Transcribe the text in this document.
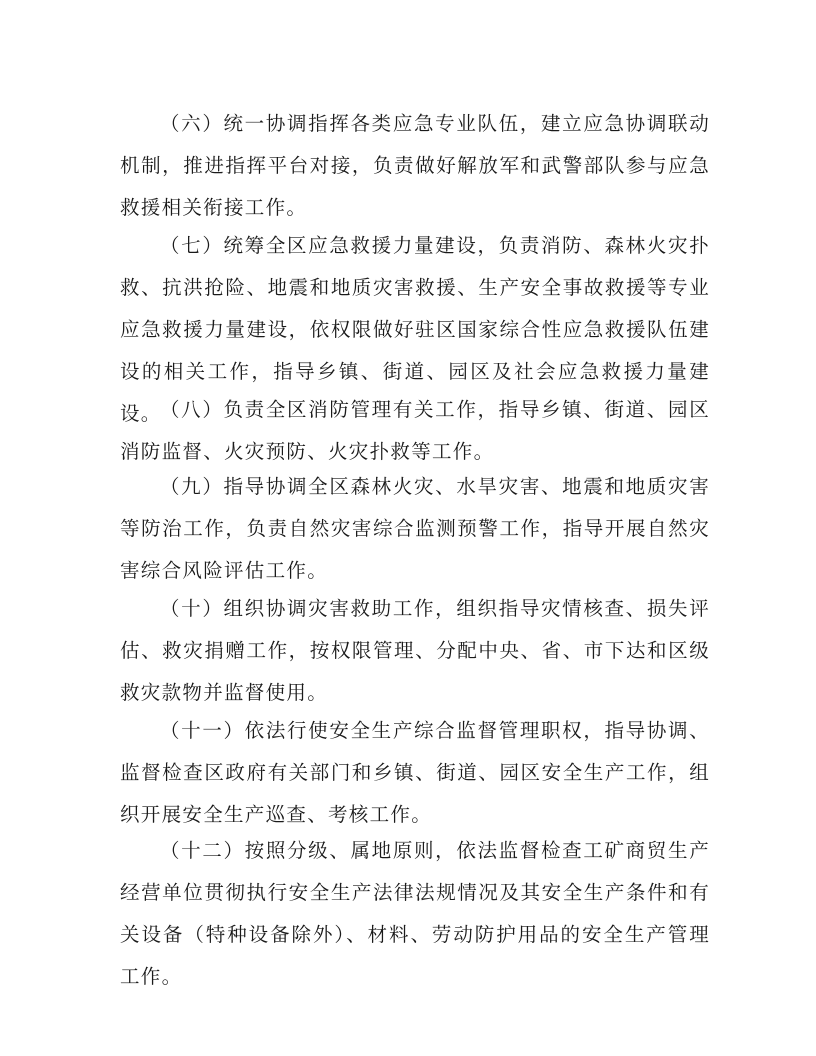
（六）统一协调指挥各类应急专业队伍，建立应急协调联动机制，推进指挥平台对接，负责做好解放军和武警部队参与应急救援相关衔接工作。

（七）统筹全区应急救援力量建设，负责消防、森林火灾扑救、抗洪抢险、地震和地质灾害救援、生产安全事故救援等专业应急救援力量建设，依权限做好驻区国家综合性应急救援队伍建设的相关工作，指导乡镇、街道、园区及社会应急救援力量建设。

（八）负责全区消防管理有关工作，指导乡镇、街道、园区消防监督、火灾预防、火灾扑救等工作。

（九）指导协调全区森林火灾、水旱灾害、地震和地质灾害等防治工作，负责自然灾害综合监测预警工作，指导开展自然灾害综合风险评估工作。

（十）组织协调灾害救助工作，组织指导灾情核查、损失评估、救灾捐赠工作，按权限管理、分配中央、省、市下达和区级救灾款物并监督使用。

（十一）依法行使安全生产综合监督管理职权，指导协调、监督检查区政府有关部门和乡镇、街道、园区安全生产工作，组织开展安全生产巡查、考核工作。

（十二）按照分级、属地原则，依法监督检查工矿商贸生产经营单位贯彻执行安全生产法律法规情况及其安全生产条件和有关设备（特种设备除外）、材料、劳动防护用品的安全生产管理工作。
